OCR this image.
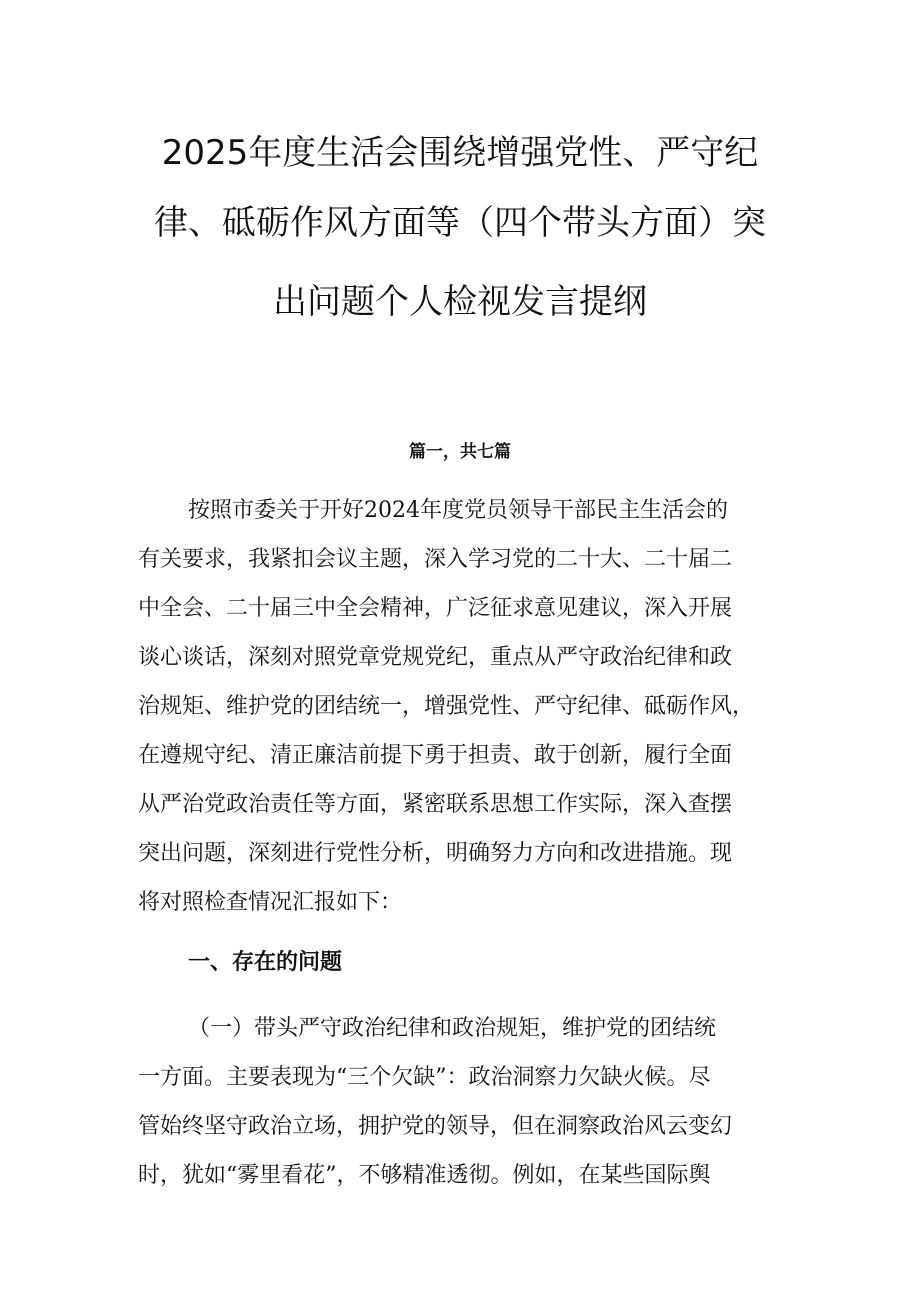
2025年度生活会围绕增强党性、严守纪
律、砥砺作风方面等（四个带头方面）突
出问题个人检视发言提纲
篇一，共七篇
按照市委关于开好2024年度党员领导干部民主生活会的
有关要求，我紧扣会议主题，深入学习党的二十大、二十届二
中全会、二十届三中全会精神，广泛征求意见建议，深入开展
谈心谈话，深刻对照党章党规党纪，重点从严守政治纪律和政
治规矩、维护党的团结统一，增强党性、严守纪律、砥砺作风，
在遵规守纪、清正廉洁前提下勇于担责、敢于创新，履行全面
从严治党政治责任等方面，紧密联系思想工作实际，深入查摆
突出问题，深刻进行党性分析，明确努力方向和改进措施。现
将对照检查情况汇报如下：
一、存在的问题
（一）带头严守政治纪律和政治规矩，维护党的团结统
一方面。主要表现为“三个欠缺”：政治洞察力欠缺火候。尽
管始终坚守政治立场，拥护党的领导，但在洞察政治风云变幻
时，犹如“雾里看花”，不够精准透彻。例如，在某些国际舆
